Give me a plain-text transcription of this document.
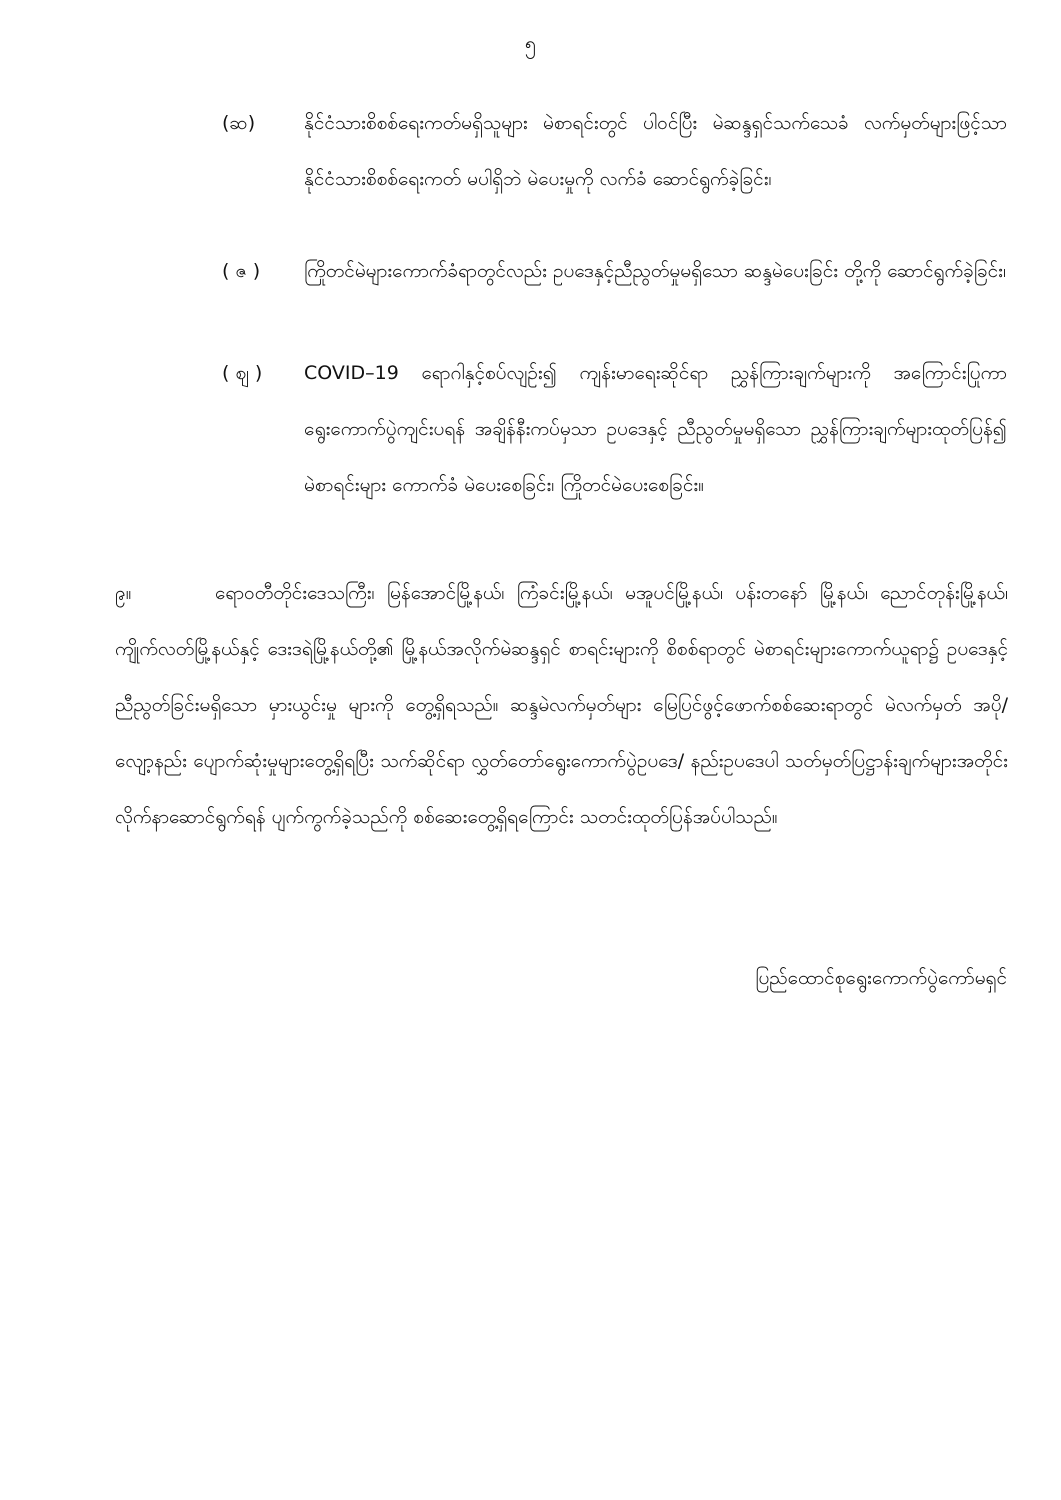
၅
(ဆ)	နိုင်ငံသားစိစစ်ရေးကတ်မရှိသူများ မဲစာရင်းတွင် ပါဝင်ပြီး မဲဆန္ဒရှင်သက်သေခံ လက်မှတ်များဖြင့်သာ နိုင်ငံသားစိစစ်ရေးကတ် မပါရှိဘဲ မဲပေးမှုကို လက်ခံ ဆောင်ရွက်ခဲ့ခြင်း၊
( ဇ )	ကြိုတင်မဲများကောက်ခံရာတွင်လည်း ဥပဒေနှင့်ညီညွတ်မှုမရှိသော ဆန္ဒမဲပေးခြင်း တို့ကို ဆောင်ရွက်ခဲ့ခြင်း၊
( ဈ )	COVID–19 ရောဂါနှင့်စပ်လျဉ်း၍ ကျန်းမာရေးဆိုင်ရာ ညွှန်ကြားချက်များကို အကြောင်းပြုကာ ရွေးကောက်ပွဲကျင်းပရန် အချိန်နီးကပ်မှသာ ဥပဒေနှင့် ညီညွတ်မှုမရှိသော ညွှန်ကြားချက်များထုတ်ပြန်၍ မဲစာရင်းများ ကောက်ခံ မဲပေးစေခြင်း၊ ကြိုတင်မဲပေးစေခြင်း။
၉။	ရောဝတီတိုင်းဒေသကြီး၊ မြန်အောင်မြို့နယ်၊ ကြံခင်းမြို့နယ်၊ မအူပင်မြို့နယ်၊ ပန်းတနော် မြို့နယ်၊ ညောင်တုန်းမြို့နယ်၊ ကျိုက်လတ်မြို့နယ်နှင့် ဒေးဒရဲမြို့နယ်တို့၏ မြို့နယ်အလိုက်မဲဆန္ဒရှင် စာရင်းများကို စိစစ်ရာတွင် မဲစာရင်းများကောက်ယူရာ၌ ဥပဒေနှင့်ညီညွတ်ခြင်းမရှိသော မှားယွင်းမှု များကို တွေ့ရှိရသည်။ ဆန္ဒမဲလက်မှတ်များ မြေပြင်ဖွင့်ဖောက်စစ်ဆေးရာတွင် မဲလက်မှတ် အပို/ လျော့နည်း ပျောက်ဆုံးမှုများတွေ့ရှိရပြီး သက်ဆိုင်ရာ လွှတ်တော်ရွေးကောက်ပွဲဥပဒေ/ နည်းဥပဒေပါ သတ်မှတ်ပြဋ္ဌာန်းချက်များအတိုင်း လိုက်နာဆောင်ရွက်ရန် ပျက်ကွက်ခဲ့သည်ကို စစ်ဆေးတွေ့ရှိရကြောင်း သတင်းထုတ်ပြန်အပ်ပါသည်။
ပြည်ထောင်စုရွေးကောက်ပွဲကော်မရှင်
